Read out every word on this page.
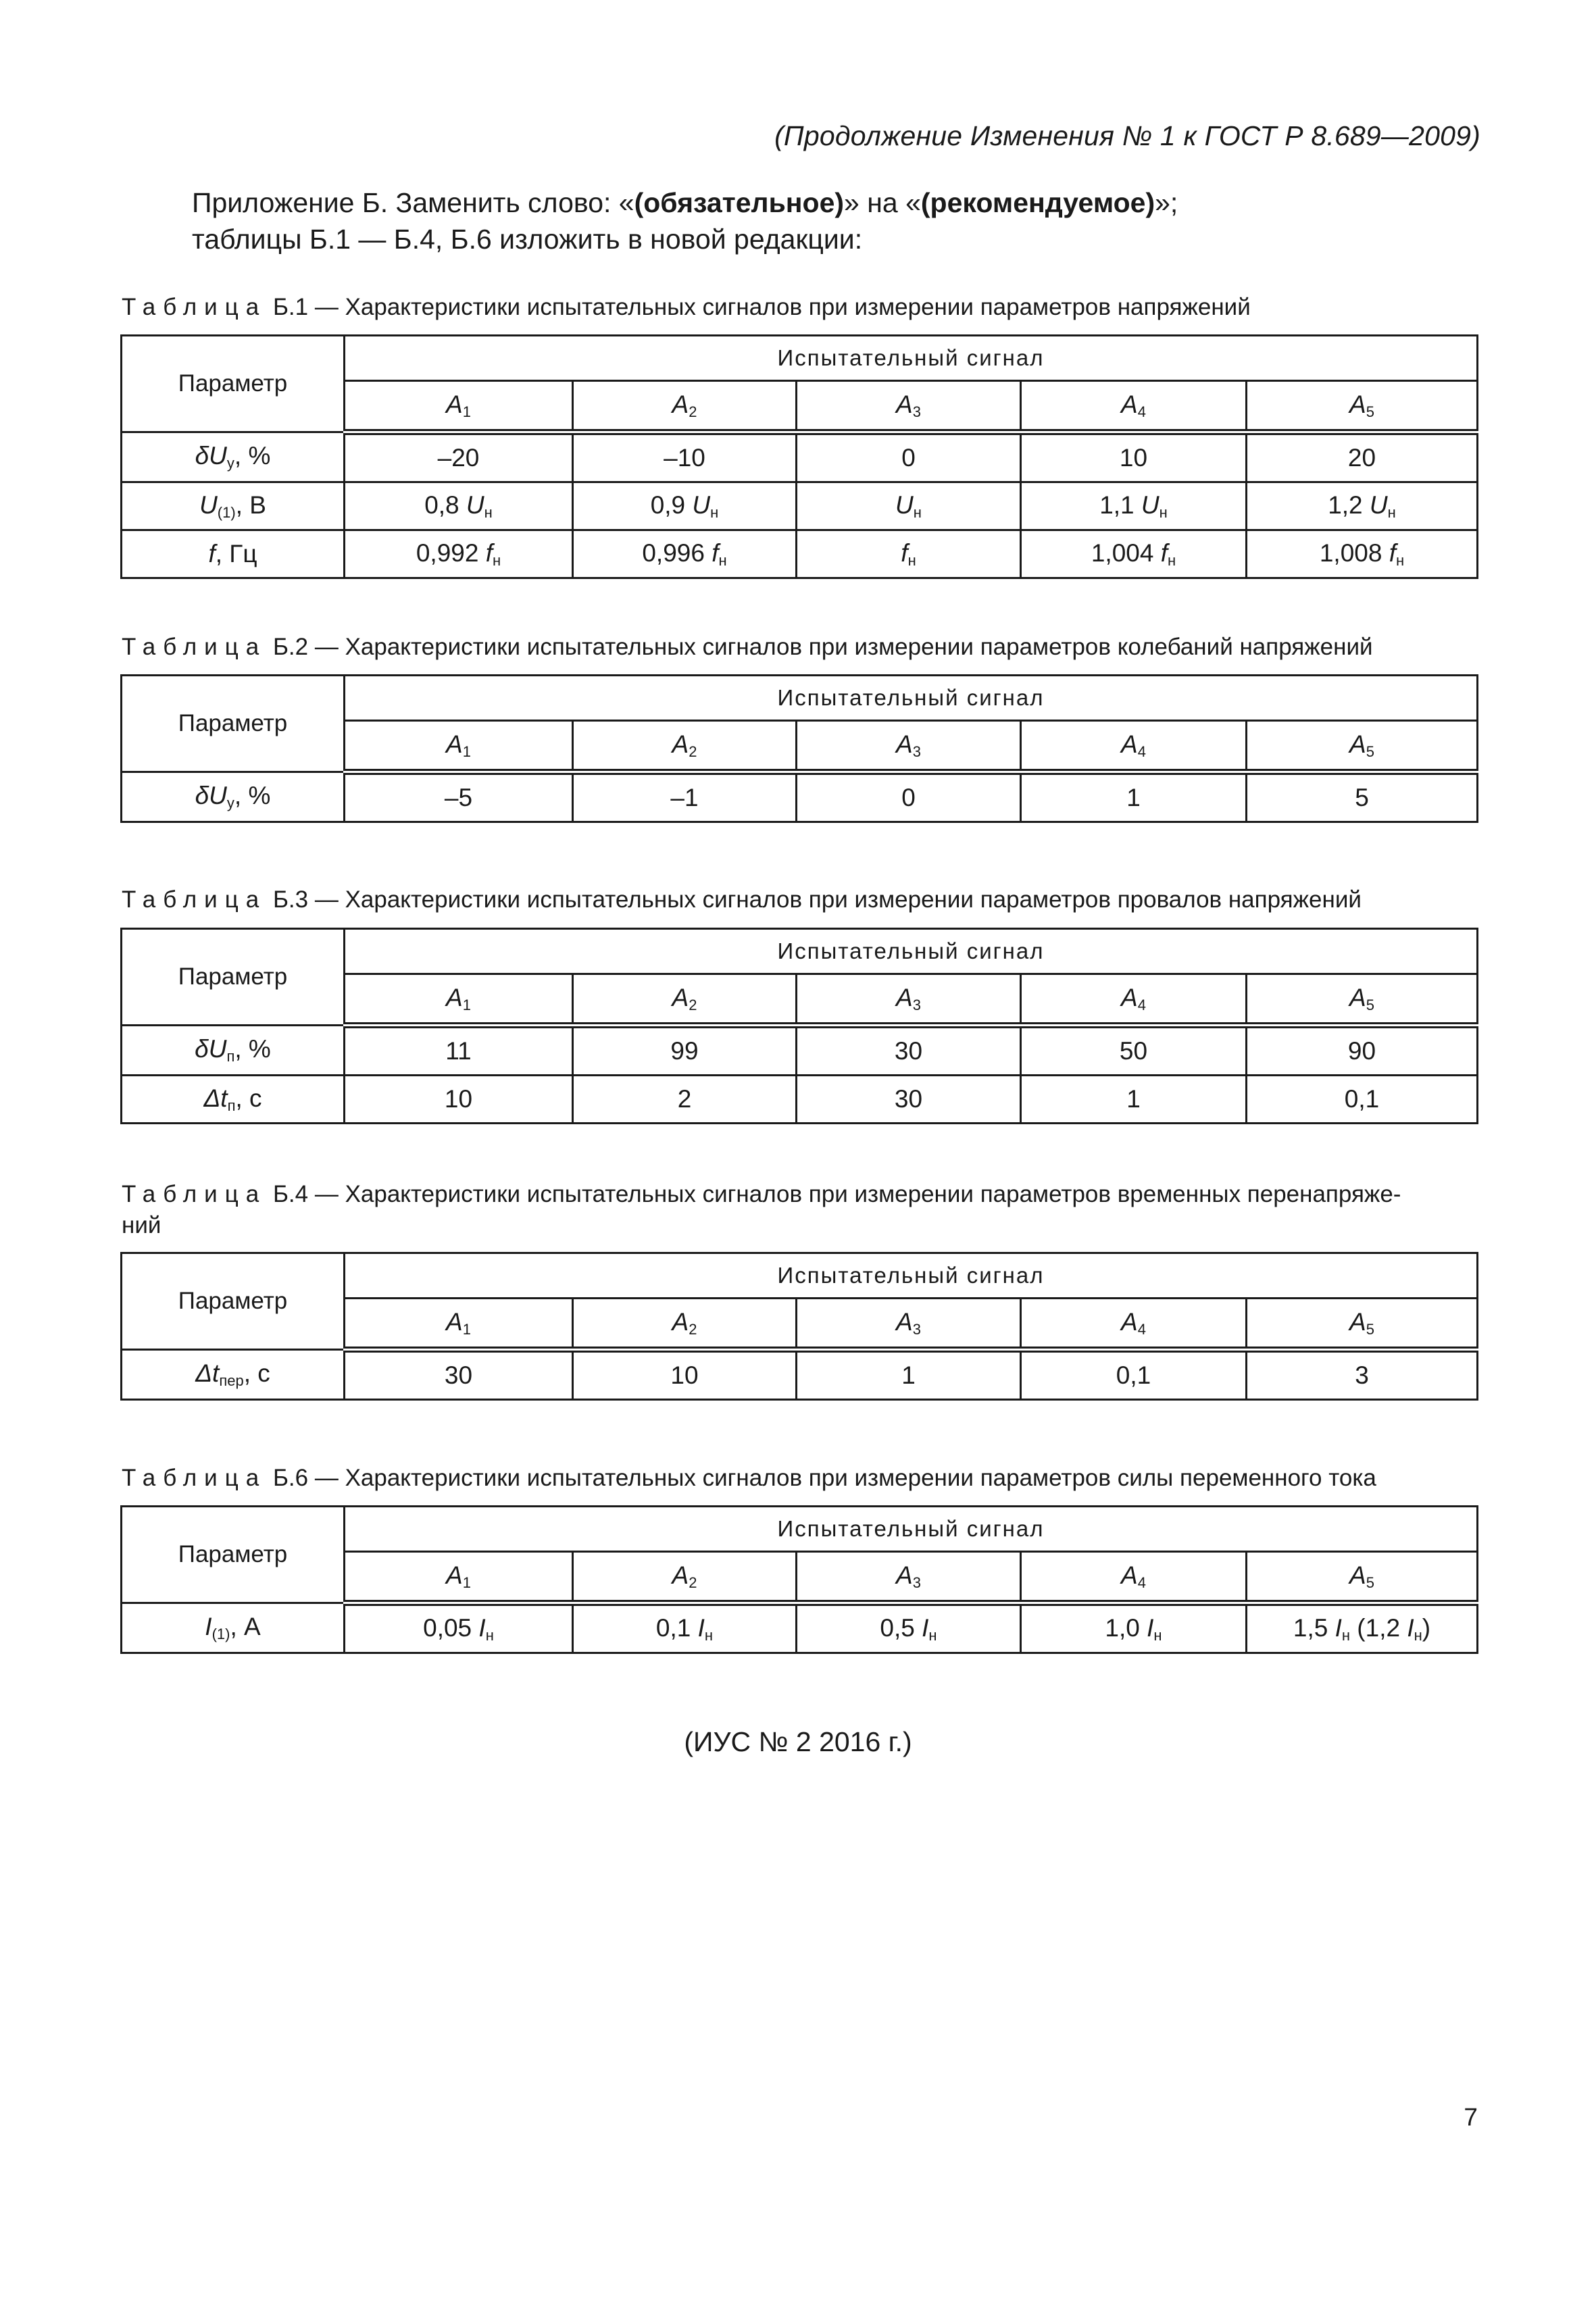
(Продолжение Изменения № 1 к ГОСТ Р 8.689—2009)
Приложение Б. Заменить слово: «(обязательное)» на «(рекомендуемое)»;
таблицы Б.1 — Б.4, Б.6 изложить в новой редакции:
Таблица Б.1 — Характеристики испытательных сигналов при измерении параметров напряжений
Параметр	Испытательный сигнал				
	$A_1$	$A_2$	$A_3$	$A_4$	$A_5$
$\delta U_у$, %	–20	–10	0	10	20
$U_{(1)}$, В	0,8 $U_н$	0,9 $U_н$	$U_н$	1,1 $U_н$	1,2 $U_н$
f, Гц	0,992 $f_н$	0,996 $f_н$	$f_н$	1,004 $f_н$	1,008 $f_н$
Таблица Б.2 — Характеристики испытательных сигналов при измерении параметров колебаний напряжений
Параметр	Испытательный сигнал				
	$A_1$	$A_2$	$A_3$	$A_4$	$A_5$
$\delta U_у$, %	–5	–1	0	1	5
Таблица Б.3 — Характеристики испытательных сигналов при измерении параметров провалов напряжений
Параметр	Испытательный сигнал				
	$A_1$	$A_2$	$A_3$	$A_4$	$A_5$
$\delta U_п$, %	11	99	30	50	90
$\Delta t_п$, с	10	2	30	1	0,1
Таблица Б.4 — Характеристики испытательных сигналов при измерении параметров временных перенапряже-
ний
Параметр	Испытательный сигнал				
	$A_1$	$A_2$	$A_3$	$A_4$	$A_5$
$\Delta t_{пер}$, с	30	10	1	0,1	3
Таблица Б.6 — Характеристики испытательных сигналов при измерении параметров силы переменного тока
Параметр	Испытательный сигнал				
	$A_1$	$A_2$	$A_3$	$A_4$	$A_5$
$I_{(1)}$, А	0,05 $I_н$	0,1 $I_н$	0,5 $I_н$	1,0 $I_н$	1,5 $I_н$ (1,2 $I_н$)
(ИУС № 2 2016 г.)
7
